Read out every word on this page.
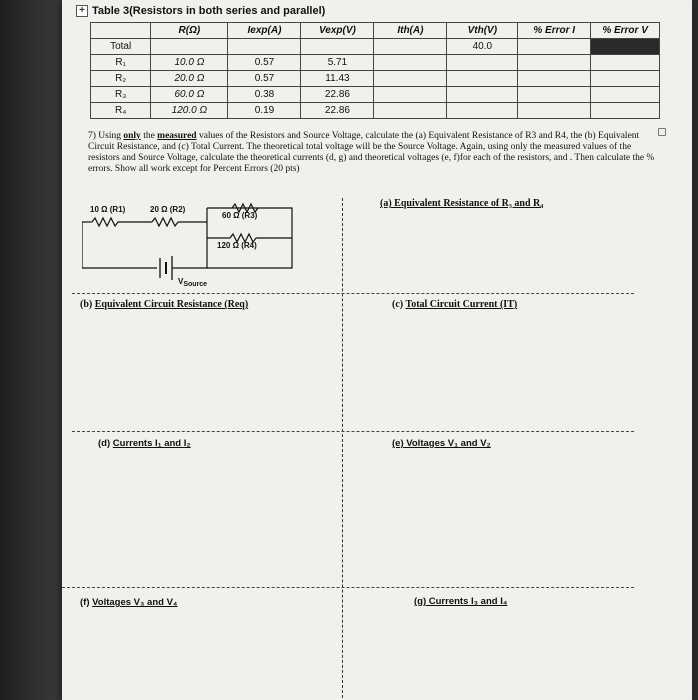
+ Table 3(Resistors in both series and parallel)
	R(Ω)	Iexp(A)	Vexp(V)	Ith(A)	Vth(V)	% Error I	% Error V
Total					40.0		
R₁	10.0 Ω	0.57	5.71				
R₂	20.0 Ω	0.57	11.43				
R₃	60.0 Ω	0.38	22.86				
R₄	120.0 Ω	0.19	22.86				
7) Using only the measured values of the Resistors and Source Voltage, calculate the (a) Equivalent Resistance of R3 and R4, the (b) Equivalent Circuit Resistance, and (c) Total Current. The theoretical total voltage will be the Source Voltage. Again, using only the measured values of the resistors and Source Voltage, calculate the theoretical currents (d, g) and theoretical voltages (e, f)for each of the resistors, and . Then calculate the % errors. Show all work except for Percent Errors (20 pts)
10 Ω (R1)	20 Ω (R2)
60 Ω (R3)
120 Ω (R4)
VSource
(a) Equivalent Resistance of R₃ and R₄
(b) Equivalent Circuit Resistance (Req)	(c) Total Circuit Current (IT)
(d) Currents I₁ and I₂	(e) Voltages V₁ and V₂
(f) Voltages V₃ and V₄	(g) Currents I₃ and I₄
